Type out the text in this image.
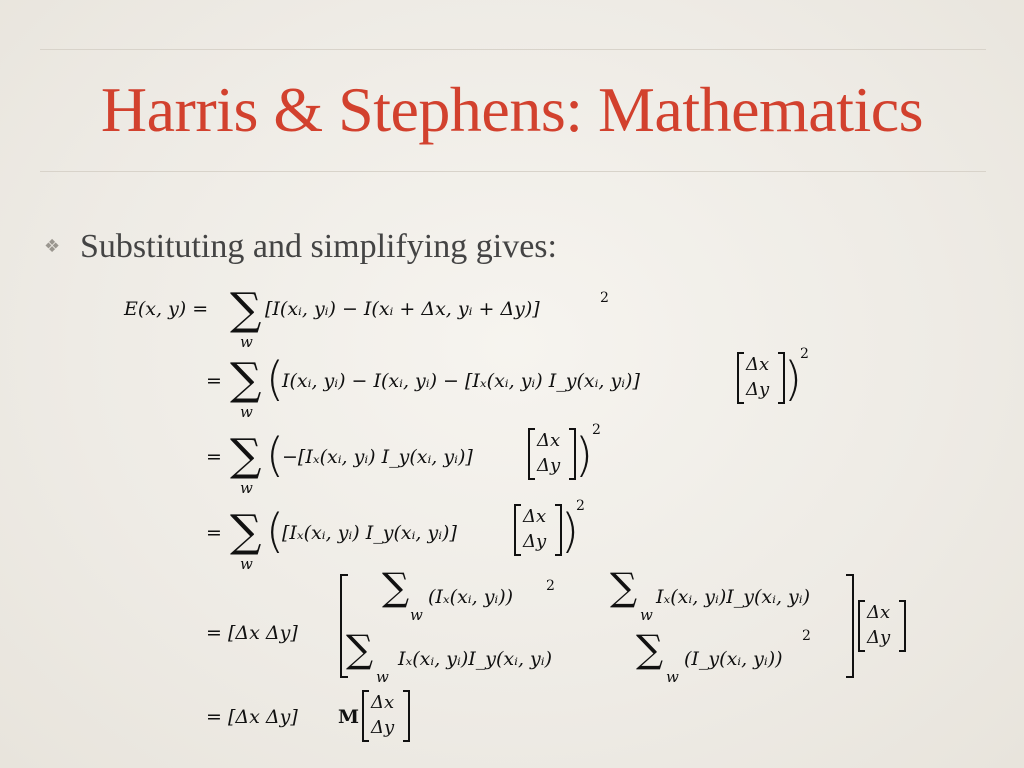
Harris & Stephens: Mathematics
❖ Substituting and simplifying gives:
E(x, y) = ∑
w
[I(xᵢ, yᵢ) − I(xᵢ + Δx, yᵢ + Δy)]	2
= ∑
w
(
I(xᵢ, yᵢ) − I(xᵢ, yᵢ) − [Iₓ(xᵢ, yᵢ) I_y(xᵢ, yᵢ)]
Δx
Δy )
2
= ∑
w
(
−[Iₓ(xᵢ, yᵢ) I_y(xᵢ, yᵢ)]
Δx
Δy ) 2
= ∑
w
(
[Iₓ(xᵢ, yᵢ) I_y(xᵢ, yᵢ)]
Δx
Δy )
2
= [Δx Δy]
∑
w
(Iₓ(xᵢ, yᵢ)) 2 ∑
w
Iₓ(xᵢ, yᵢ)I_y(xᵢ, yᵢ)
∑
w
Iₓ(xᵢ, yᵢ)I_y(xᵢ, yᵢ) ∑
w
(I_y(xᵢ, yᵢ))
2
Δx
Δy
= [Δx Δy] M
Δx
Δy
